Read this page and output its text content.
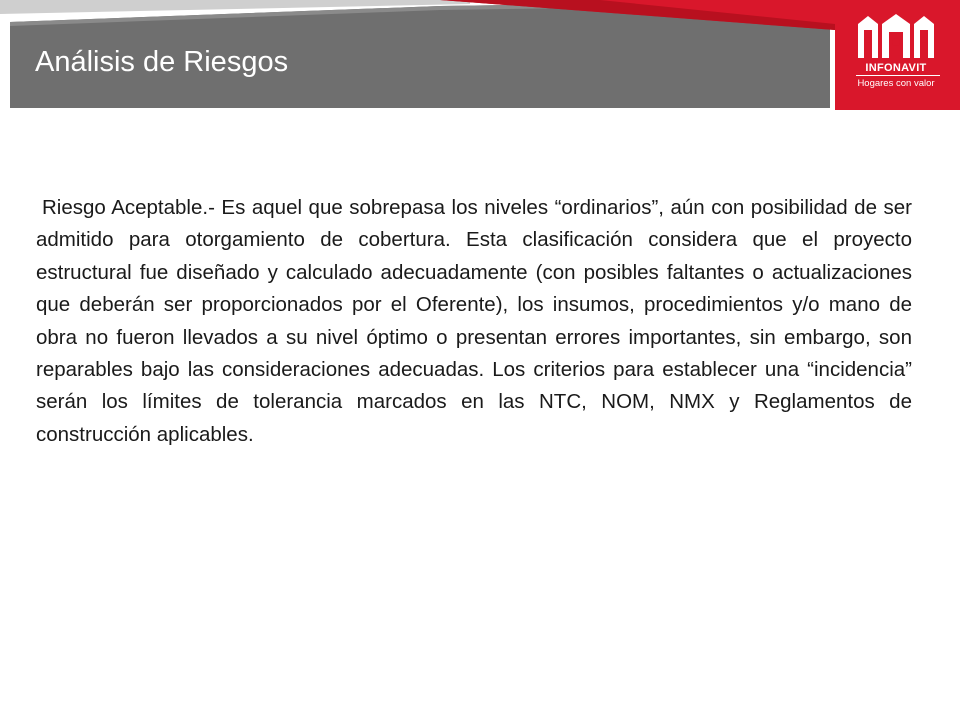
Análisis de Riesgos	INFONAVIT
Hogares con valor

Riesgo Aceptable.- Es aquel que sobrepasa los niveles “ordinarios”, aún con posibilidad de ser admitido para otorgamiento de cobertura. Esta clasificación considera que el proyecto estructural fue diseñado y calculado adecuadamente (con posibles faltantes o actualizaciones que deberán ser proporcionados por el Oferente), los insumos, procedimientos y/o mano de obra no fueron llevados a su nivel óptimo o presentan errores importantes, sin embargo, son reparables bajo las consideraciones adecuadas. Los criterios para establecer una “incidencia” serán los límites de tolerancia marcados en las NTC, NOM, NMX y Reglamentos de construcción aplicables.
